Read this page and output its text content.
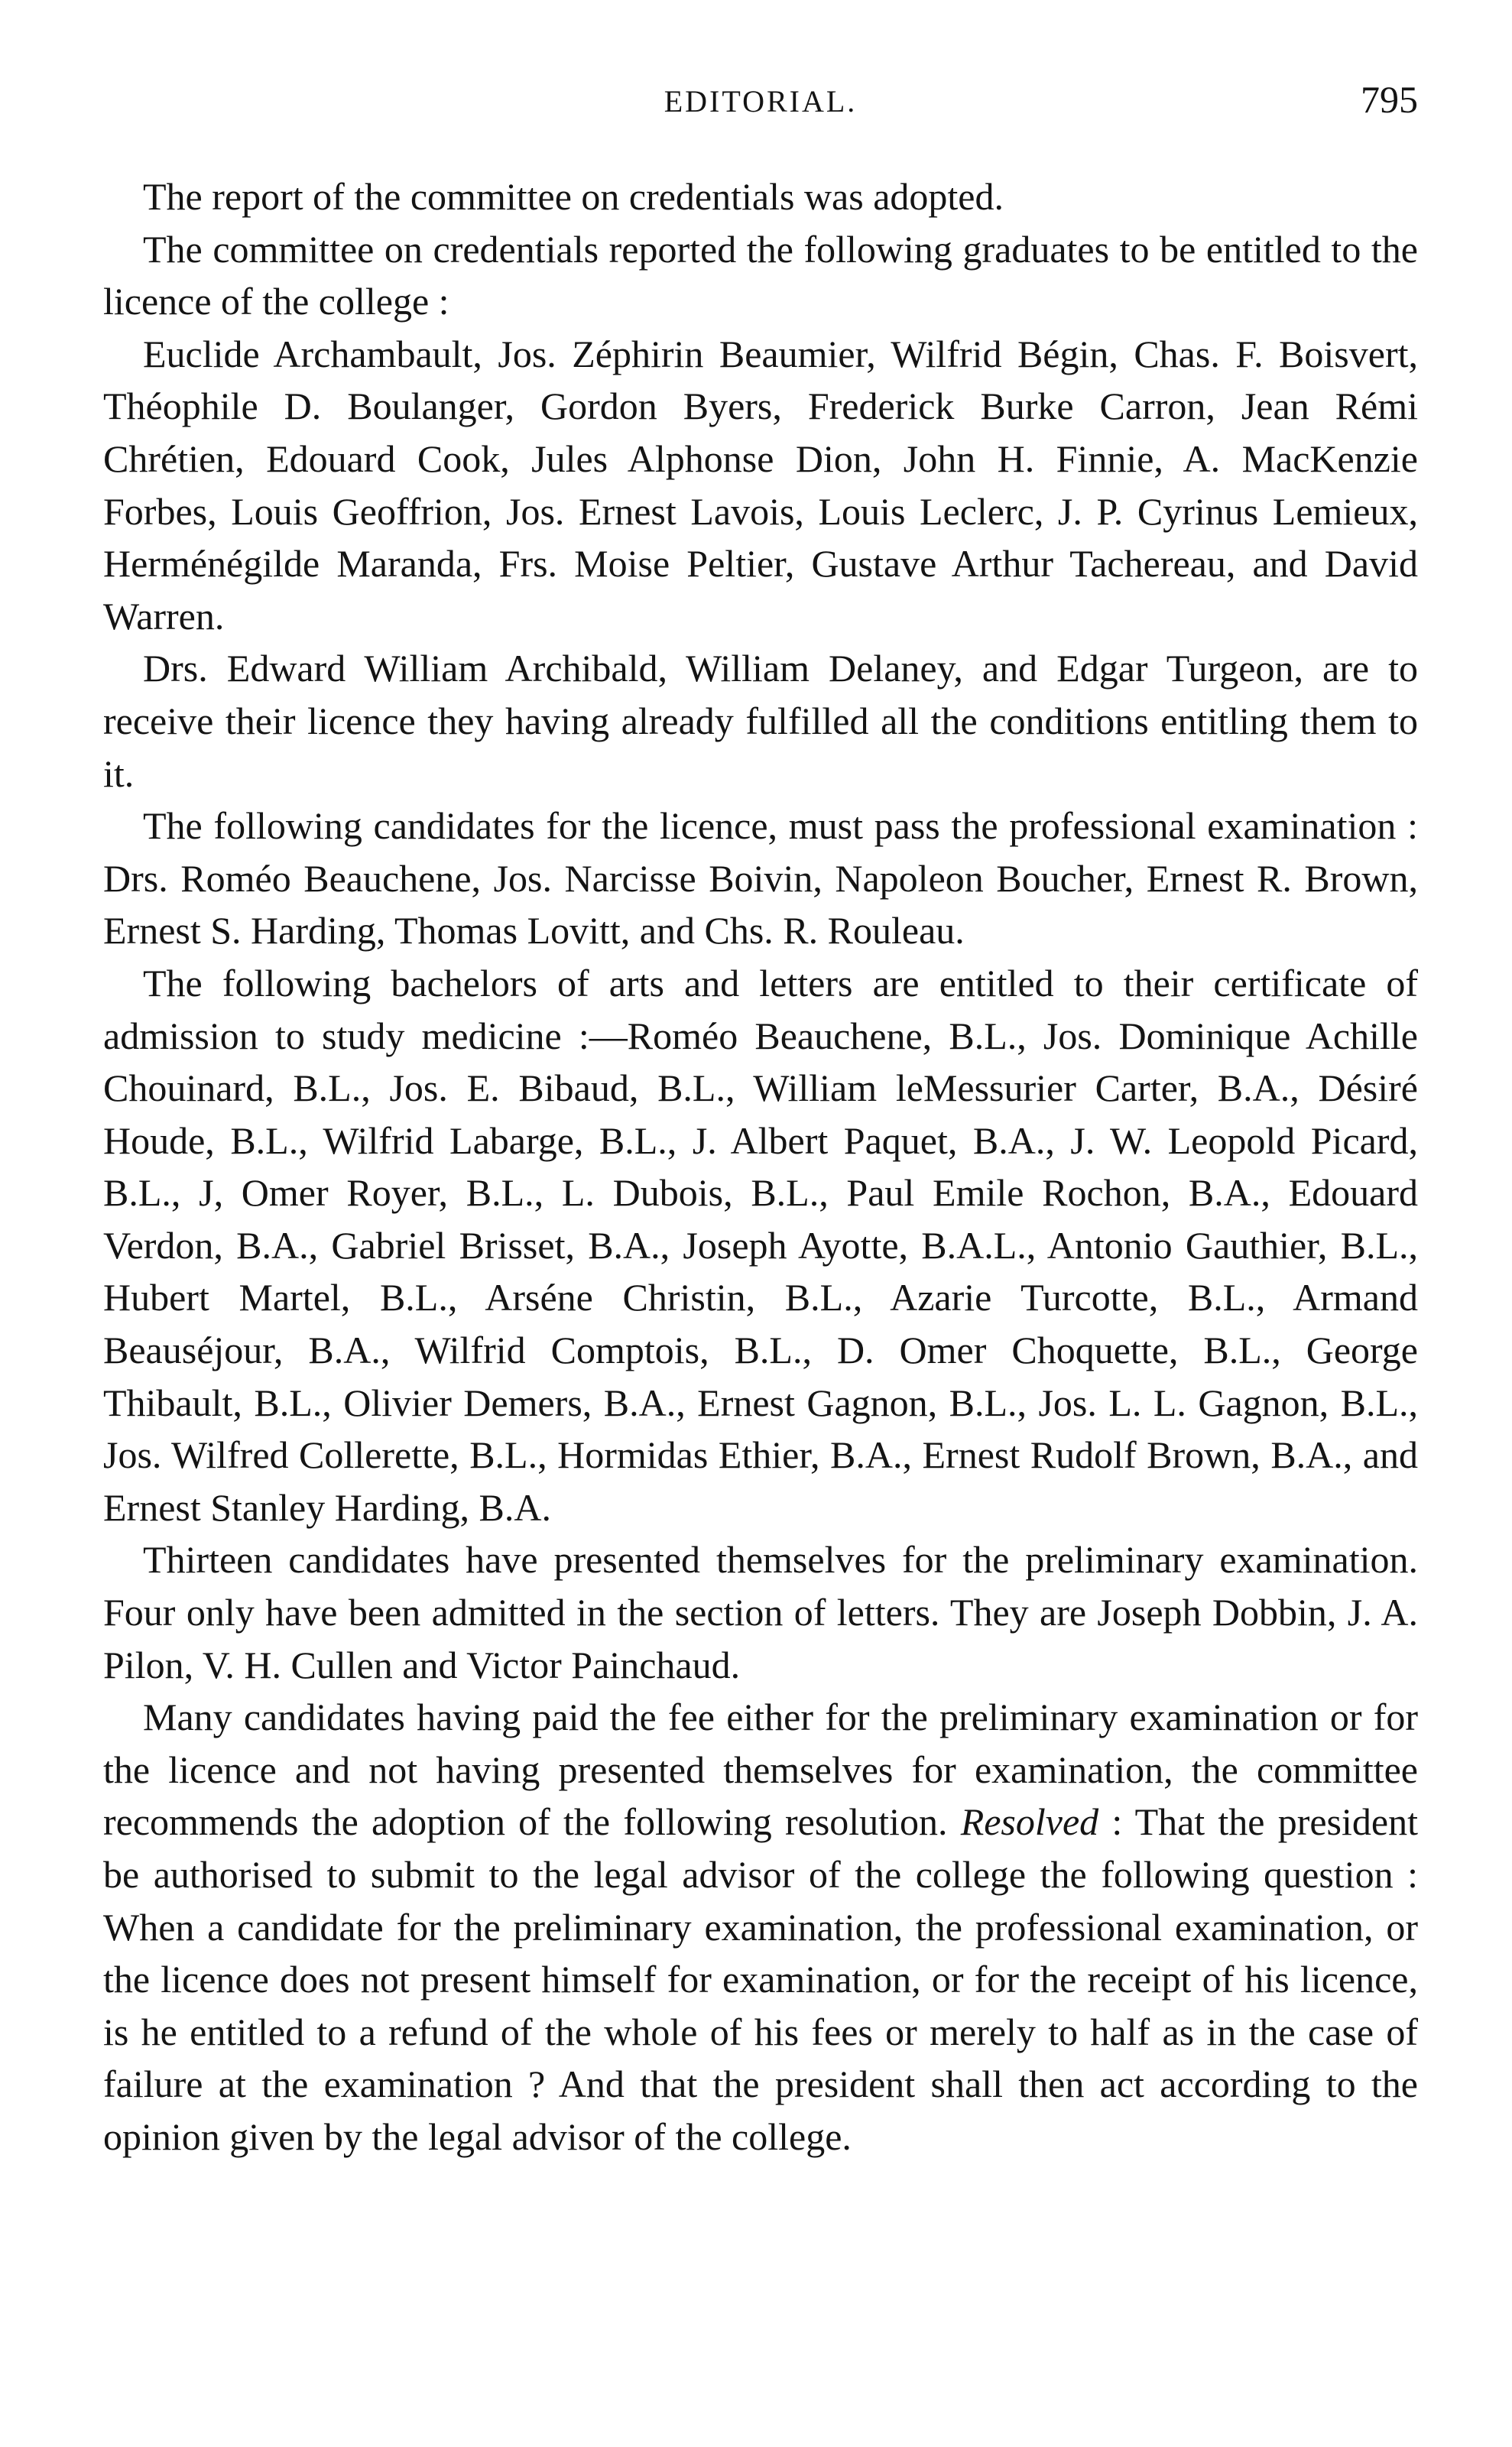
EDITORIAL.	795

The report of the committee on credentials was adopted.

The committee on credentials reported the following graduates to be entitled to the licence of the college :

Euclide Archambault, Jos. Zéphirin Beaumier, Wilfrid Bégin, Chas. F. Boisvert, Théophile D. Boulanger, Gordon Byers, Frederick Burke Carron, Jean Rémi Chrétien, Edouard Cook, Jules Alphonse Dion, John H. Finnie, A. MacKenzie Forbes, Louis Geoffrion, Jos. Ernest Lavois, Louis Leclerc, J. P. Cyrinus Lemieux, Herménégilde Maranda, Frs. Moise Peltier, Gustave Arthur Tachereau, and David Warren.

Drs. Edward William Archibald, William Delaney, and Edgar Turgeon, are to receive their licence they having already fulfilled all the conditions entitling them to it.

The following candidates for the licence, must pass the professional examination : Drs. Roméo Beauchene, Jos. Narcisse Boivin, Napoleon Boucher, Ernest R. Brown, Ernest S. Harding, Thomas Lovitt, and Chs. R. Rouleau.

The following bachelors of arts and letters are entitled to their certificate of admission to study medicine :—Roméo Beauchene, B.L., Jos. Dominique Achille Chouinard, B.L., Jos. E. Bibaud, B.L., William leMessurier Carter, B.A., Désiré Houde, B.L., Wilfrid Labarge, B.L., J. Albert Paquet, B.A., J. W. Leopold Picard, B.L., J, Omer Royer, B.L., L. Dubois, B.L., Paul Emile Rochon, B.A., Edouard Verdon, B.A., Gabriel Brisset, B.A., Joseph Ayotte, B.A.L., Antonio Gauthier, B.L., Hubert Martel, B.L., Arséne Christin, B.L., Azarie Turcotte, B.L., Armand Beauséjour, B.A., Wilfrid Comptois, B.L., D. Omer Choquette, B.L., George Thibault, B.L., Olivier Demers, B.A., Ernest Gagnon, B.L., Jos. L. L. Gagnon, B.L., Jos. Wilfred Collerette, B.L., Hormidas Ethier, B.A., Ernest Rudolf Brown, B.A., and Ernest Stanley Harding, B.A.

Thirteen candidates have presented themselves for the preliminary examination. Four only have been admitted in the section of letters. They are Joseph Dobbin, J. A. Pilon, V. H. Cullen and Victor Painchaud.

Many candidates having paid the fee either for the preliminary examination or for the licence and not having presented themselves for examination, the committee recommends the adoption of the following resolution. Resolved : That the president be authorised to submit to the legal advisor of the college the following question : When a candidate for the preliminary examination, the professional examination, or the licence does not present himself for examination, or for the receipt of his licence, is he entitled to a refund of the whole of his fees or merely to half as in the case of failure at the examination ? And that the president shall then act according to the opinion given by the legal advisor of the college.
